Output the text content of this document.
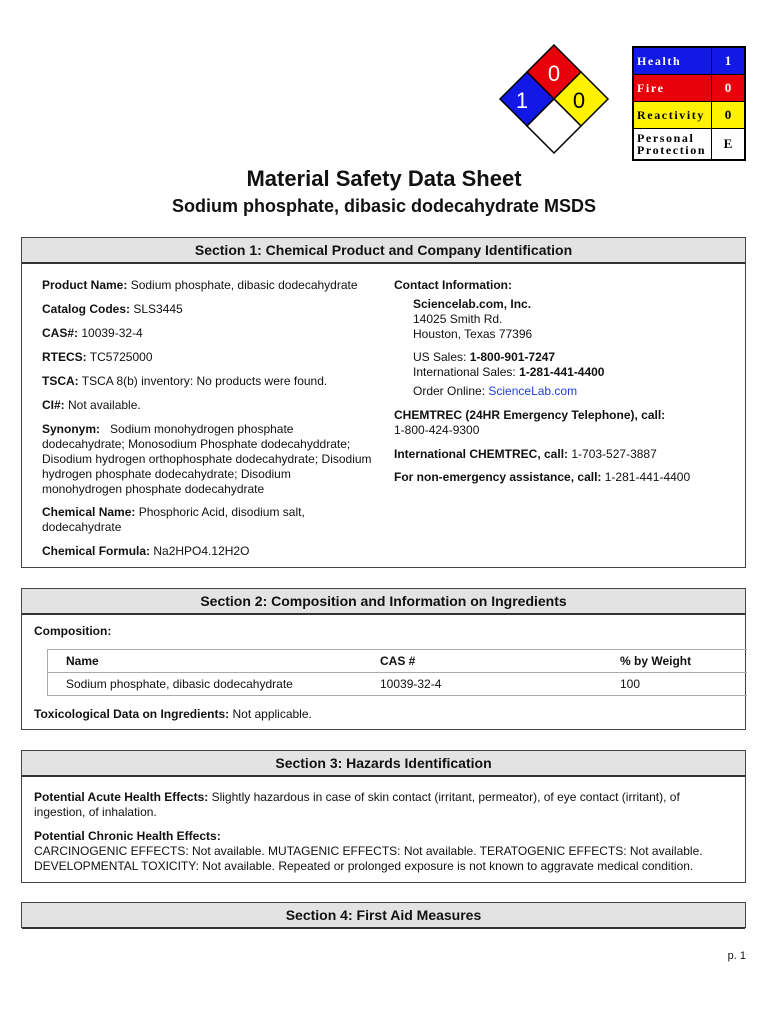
0
1 0
Health	1
Fire	0
Reactivity	0
Personal
Protection	E
Material Safety Data Sheet
Sodium phosphate, dibasic dodecahydrate MSDS
Section 1: Chemical Product and Company Identification
Product Name: Sodium phosphate, dibasic dodecahydrate
Catalog Codes: SLS3445
CAS#: 10039-32-4
RTECS: TC5725000
TSCA: TSCA 8(b) inventory: No products were found.
CI#: Not available.
Synonym:   Sodium monohydrogen phosphate dodecahydrate; Monosodium Phosphate dodecahyddrate; Disodium hydrogen orthophosphate dodecahydrate; Disodium hydrogen phosphate dodecahydrate; Disodium monohydrogen phosphate dodecahydrate
Chemical Name: Phosphoric Acid, disodium salt, dodecahydrate
Chemical Formula: Na2HPO4.12H2O
Contact Information:
Sciencelab.com, Inc.
14025 Smith Rd.
Houston, Texas 77396
US Sales: 1-800-901-7247
International Sales: 1-281-441-4400
Order Online: ScienceLab.com
CHEMTREC (24HR Emergency Telephone), call:
1-800-424-9300
International CHEMTREC, call: 1-703-527-3887
For non-emergency assistance, call: 1-281-441-4400
Section 2: Composition and Information on Ingredients
Composition:
Name	CAS #	% by Weight
Sodium phosphate, dibasic dodecahydrate	10039-32-4	100
Toxicological Data on Ingredients: Not applicable.
Section 3: Hazards Identification
Potential Acute Health Effects: Slightly hazardous in case of skin contact (irritant, permeator), of eye contact (irritant), of ingestion, of inhalation.
Potential Chronic Health Effects:
CARCINOGENIC EFFECTS: Not available. MUTAGENIC EFFECTS: Not available. TERATOGENIC EFFECTS: Not available. DEVELOPMENTAL TOXICITY: Not available. Repeated or prolonged exposure is not known to aggravate medical condition.
Section 4: First Aid Measures
p. 1
